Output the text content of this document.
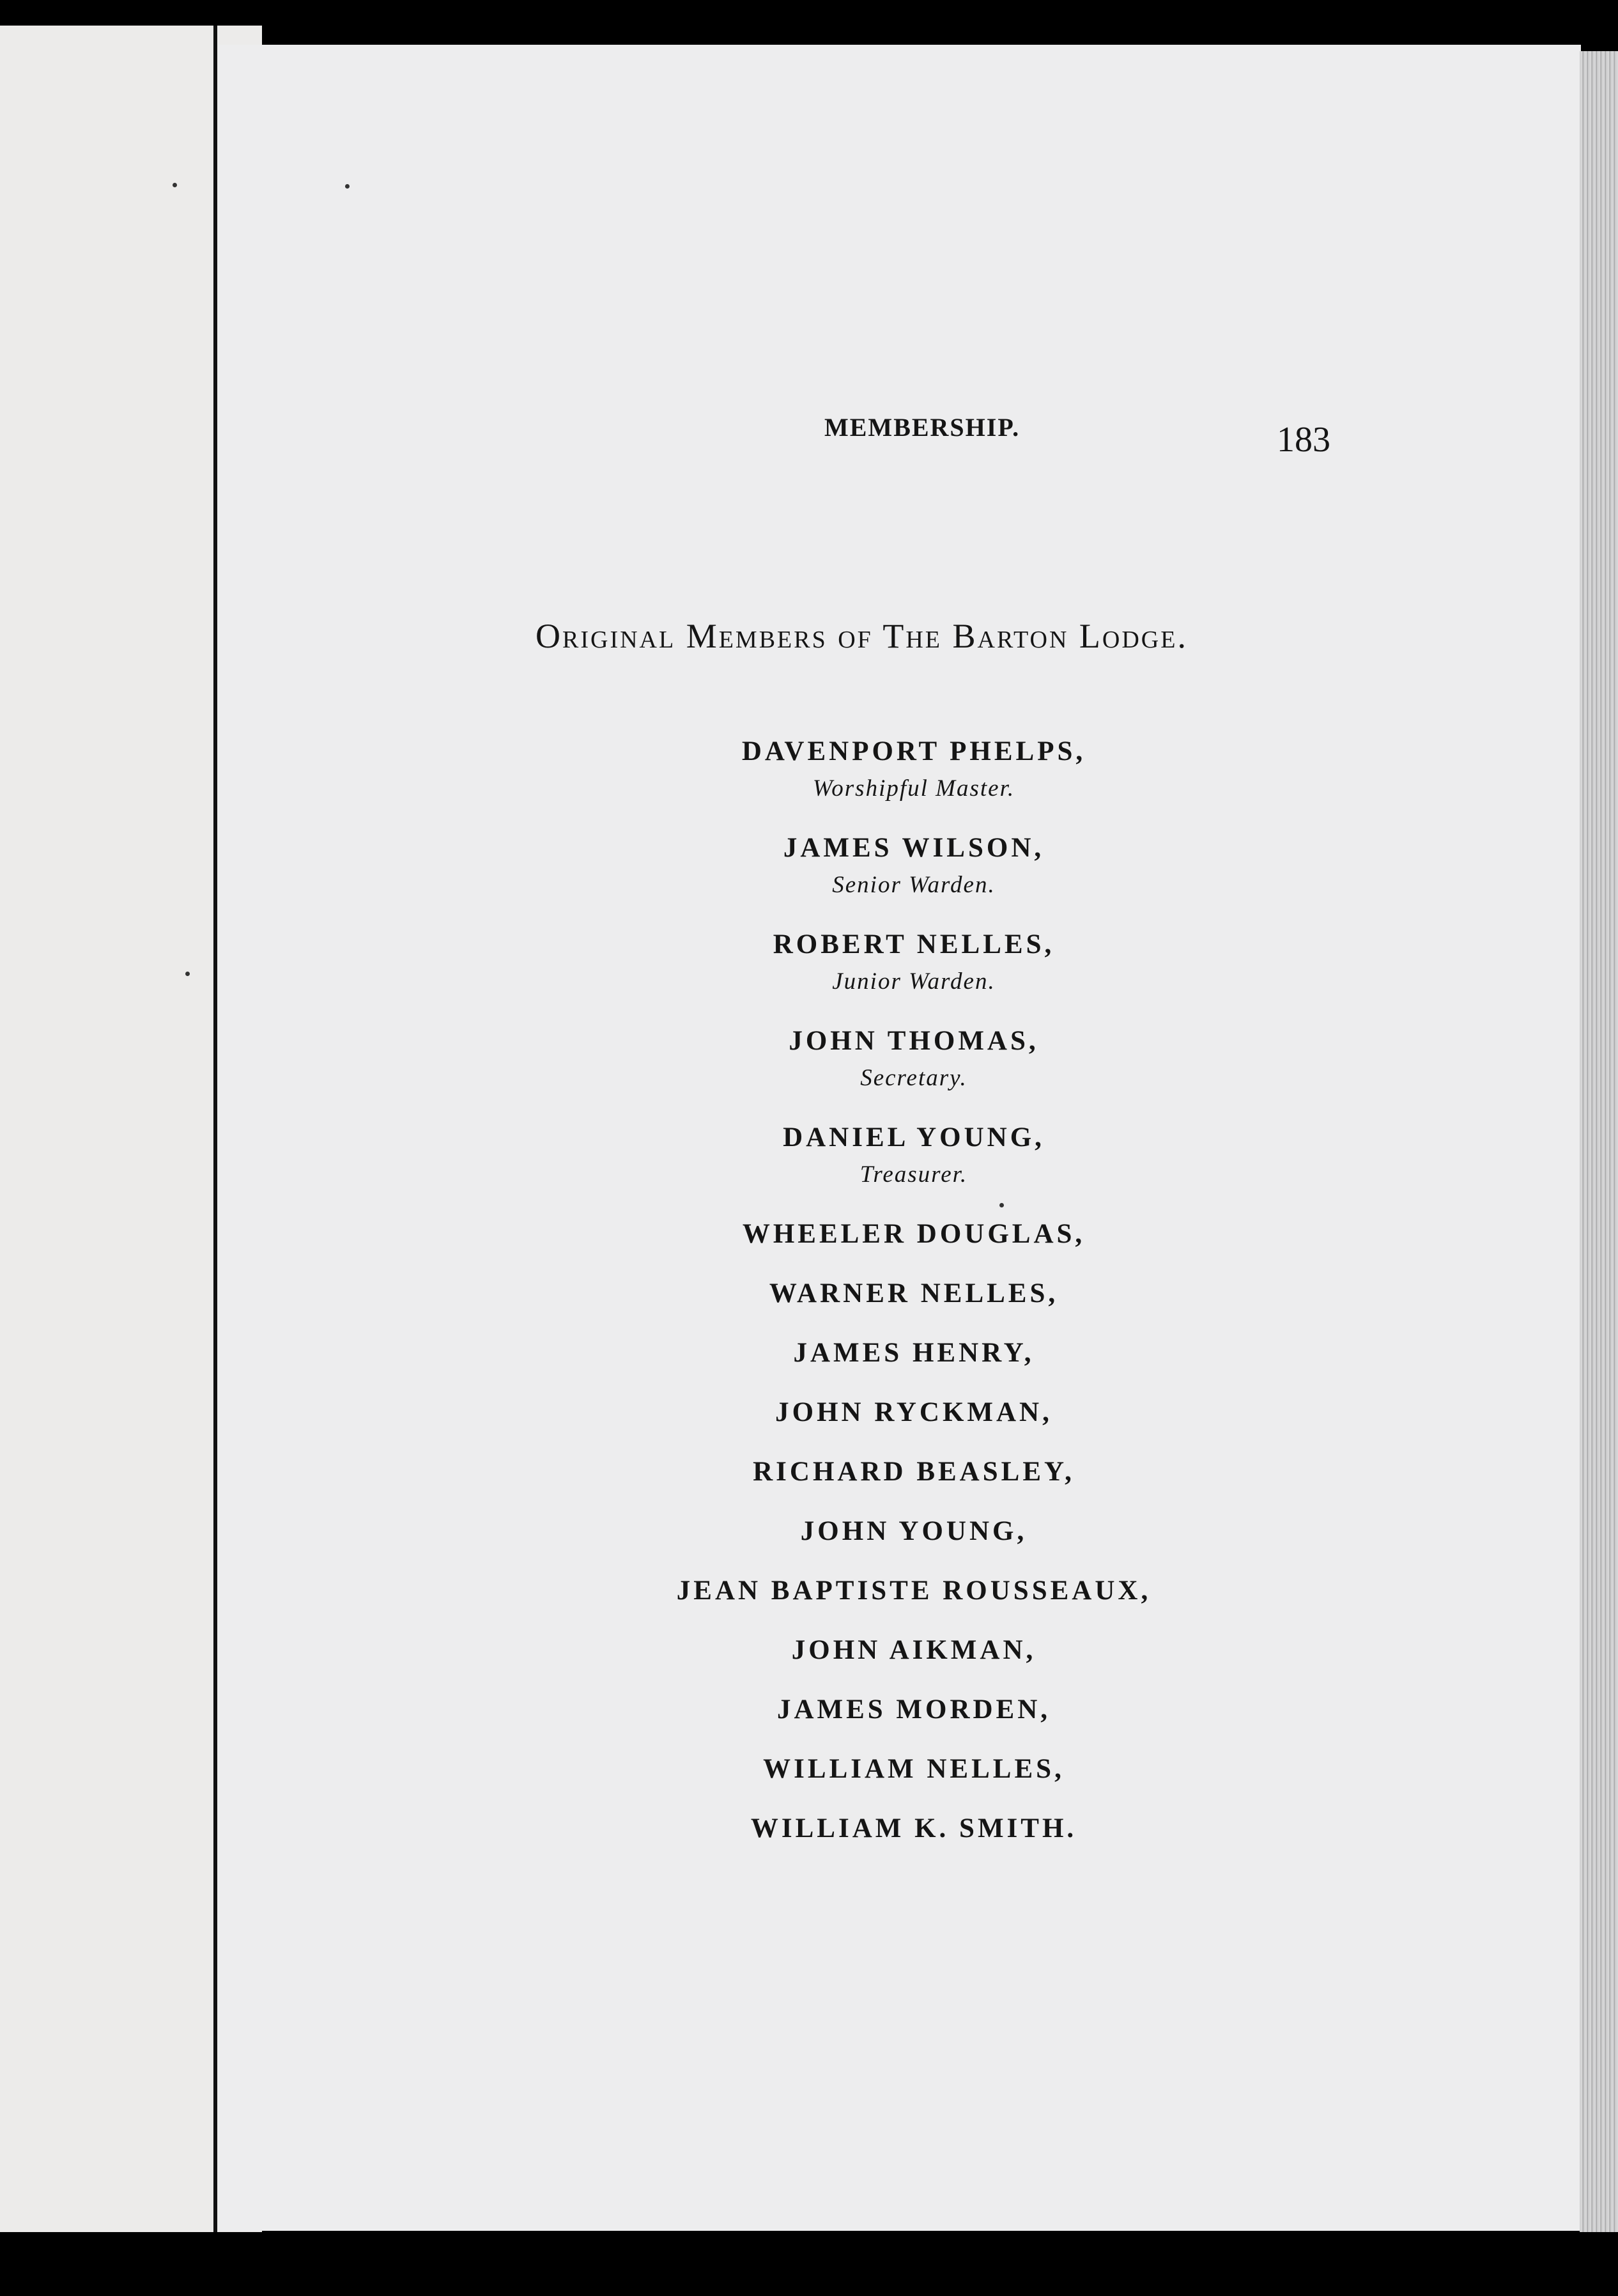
MEMBERSHIP.	183
Original Members of The Barton Lodge.
DAVENPORT PHELPS,
Worshipful Master.
JAMES WILSON,
Senior Warden.
ROBERT NELLES,
Junior Warden.
JOHN THOMAS,
Secretary.
DANIEL YOUNG,
Treasurer.
WHEELER DOUGLAS,
WARNER NELLES,
JAMES HENRY,
JOHN RYCKMAN,
RICHARD BEASLEY,
JOHN YOUNG,
JEAN BAPTISTE ROUSSEAUX,
JOHN AIKMAN,
JAMES MORDEN,
WILLIAM NELLES,
WILLIAM K. SMITH.
